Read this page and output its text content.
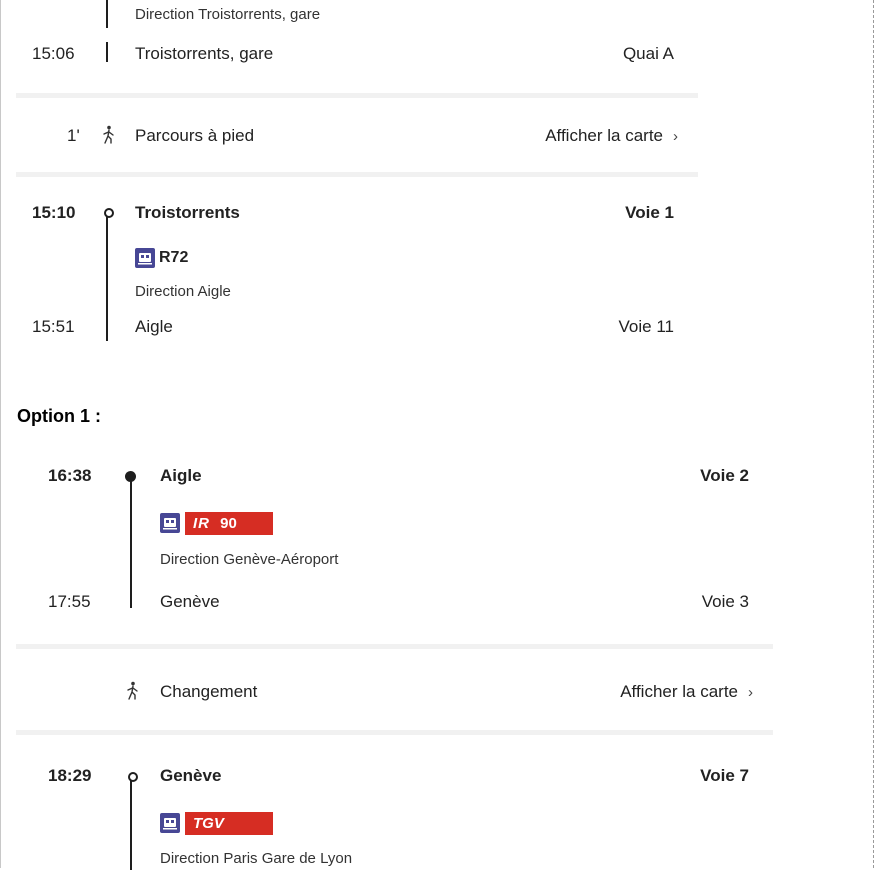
Direction Troistorrents, gare
15:06	Troistorrents, gare	Quai A
1'	Parcours à pied	Afficher la carte ›
15:10	Troistorrents	Voie 1
R72
Direction Aigle
15:51	Aigle	Voie 11
Option 1 :
16:38	Aigle	Voie 2
IR 90
Direction Genève-Aéroport
17:55	Genève	Voie 3
Changement	Afficher la carte ›
18:29	Genève	Voie 7
TGV
Direction Paris Gare de Lyon
